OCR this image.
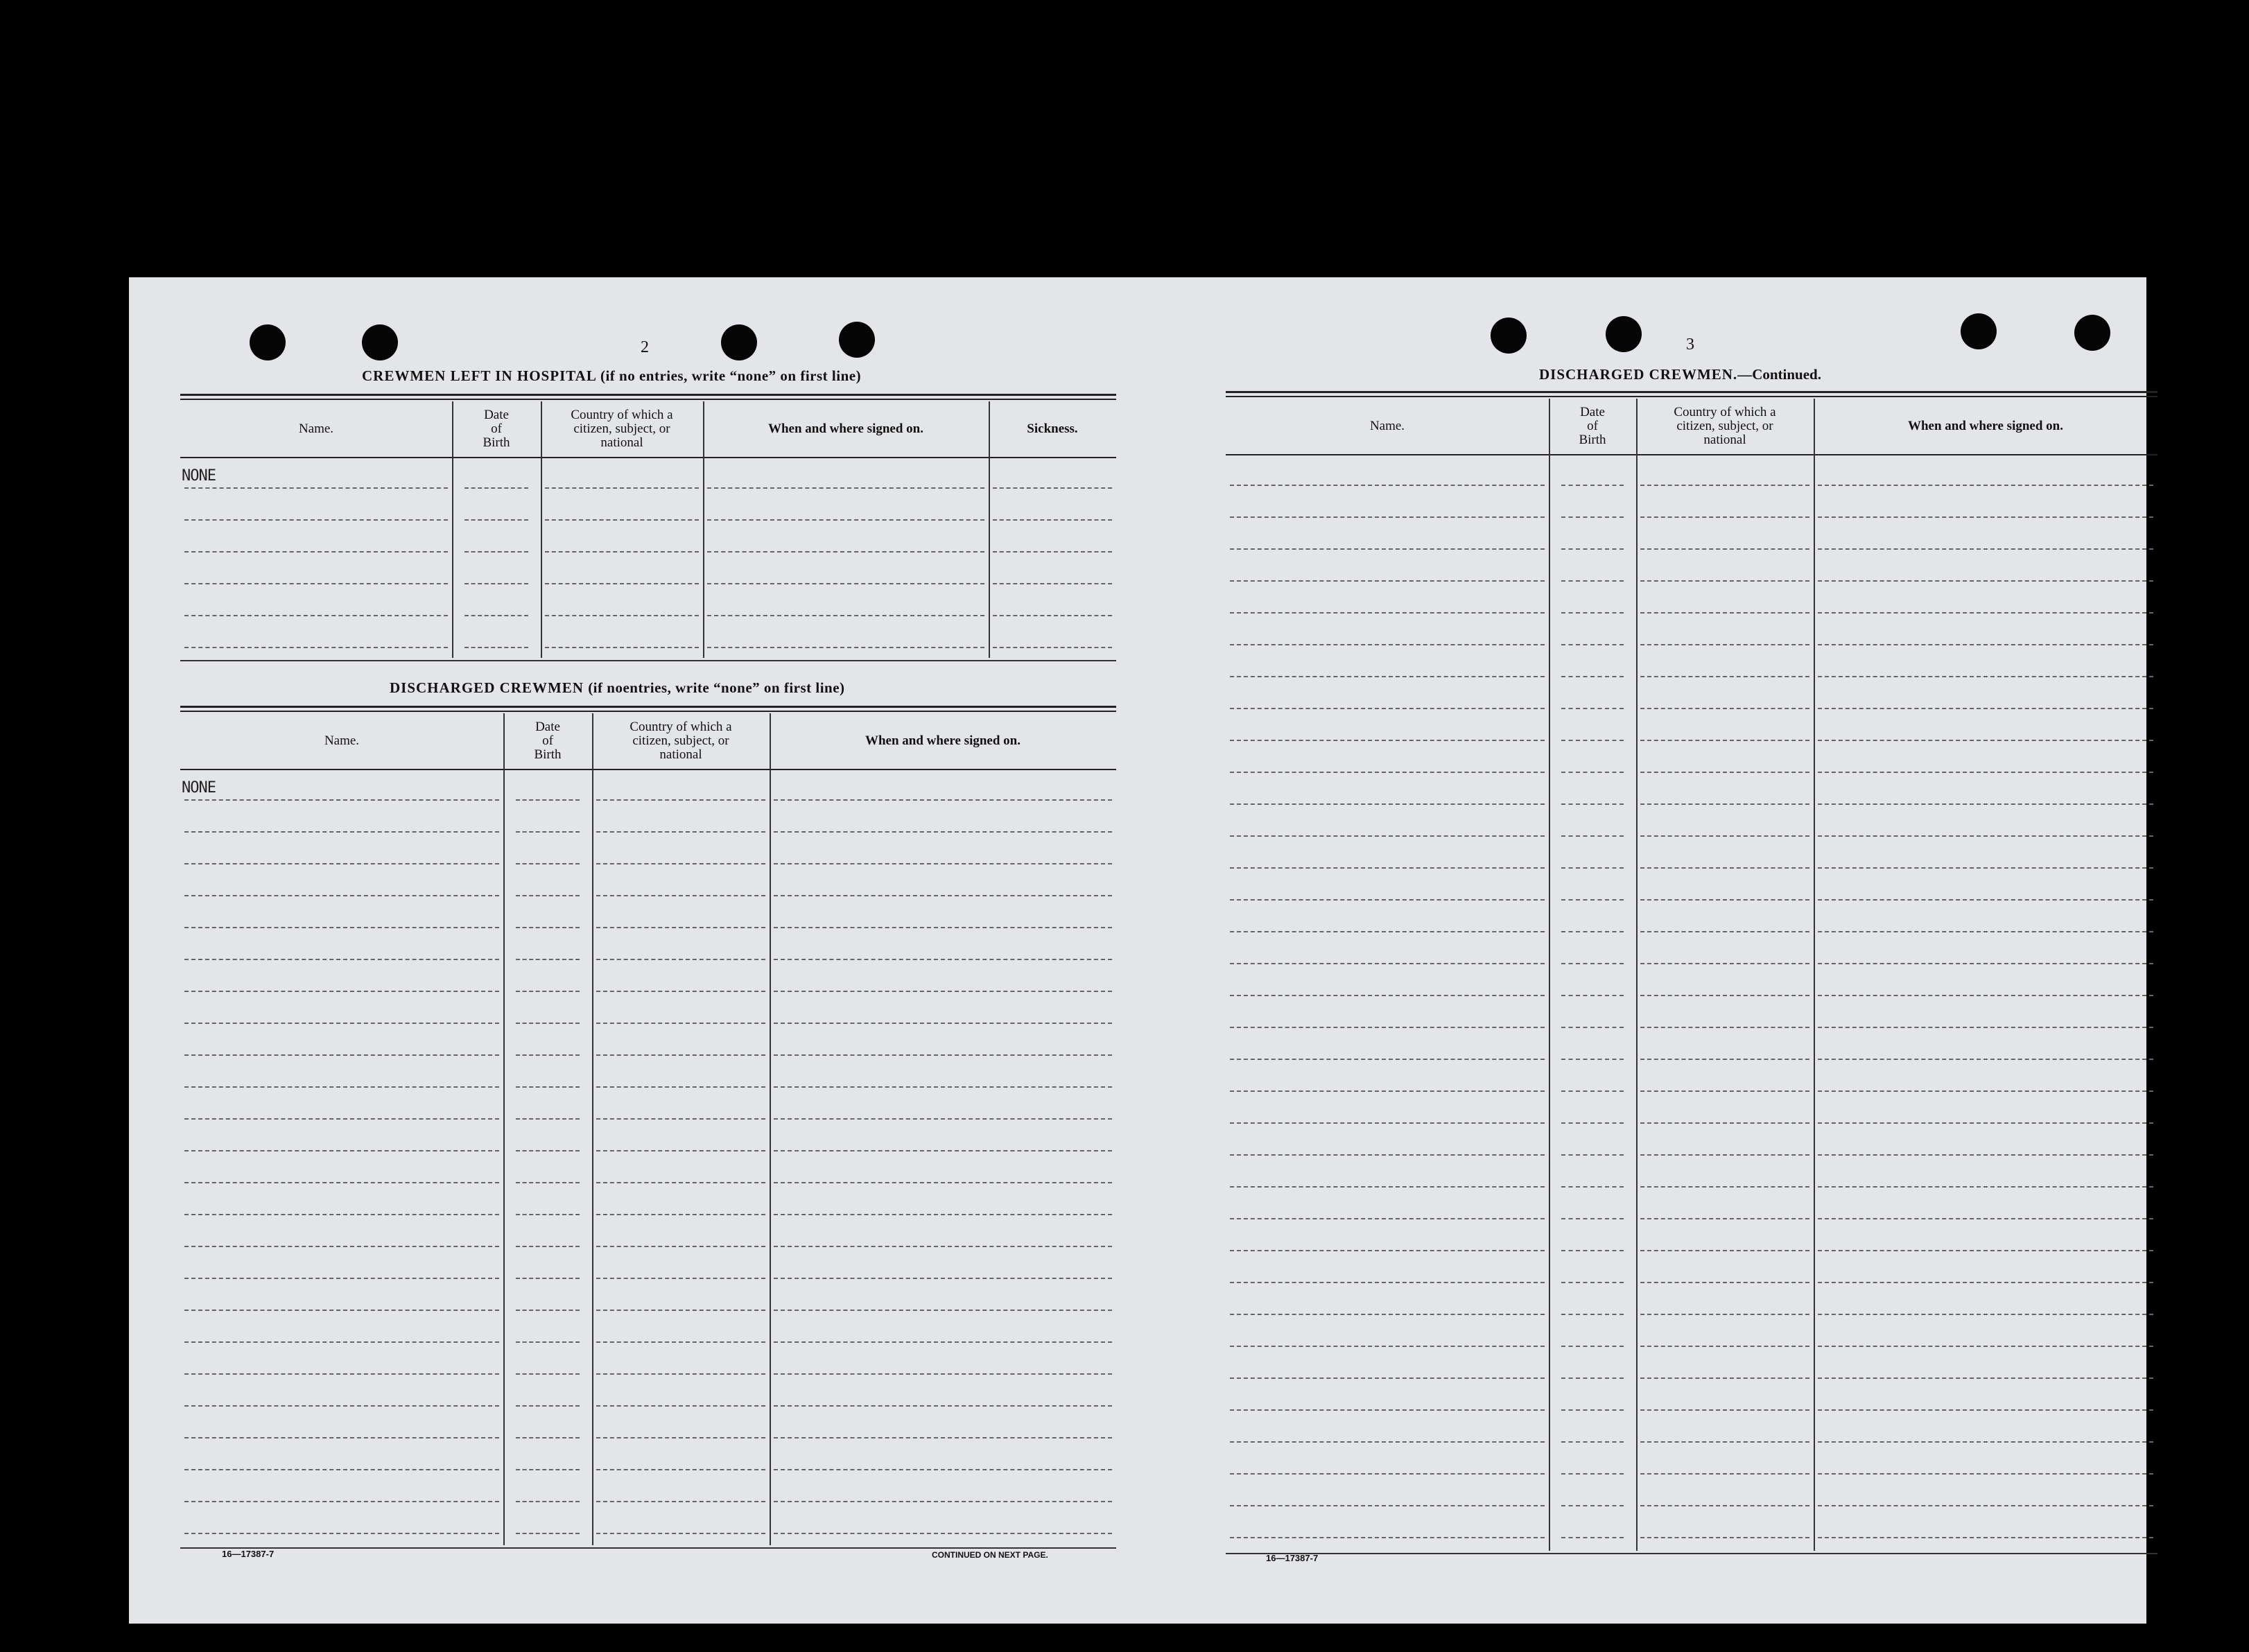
2
CREWMEN LEFT IN HOSPITAL (if no entries, write “none” on first line)
Name.
Date
of
Birth
Country of which a
citizen, subject, or
national
When and where signed on.	Sickness.
NONE
DISCHARGED CREWMEN (if noentries, write “none” on first line)
Name.
Date
of
Birth
Country of which a
citizen, subject, or
national
When and where signed on.
NONE
16—17387-7	CONTINUED ON NEXT PAGE.
3
DISCHARGED CREWMEN.—Continued.
Name.
Date
of
Birth
Country of which a
citizen, subject, or
national
When and where signed on.
16—17387-7
